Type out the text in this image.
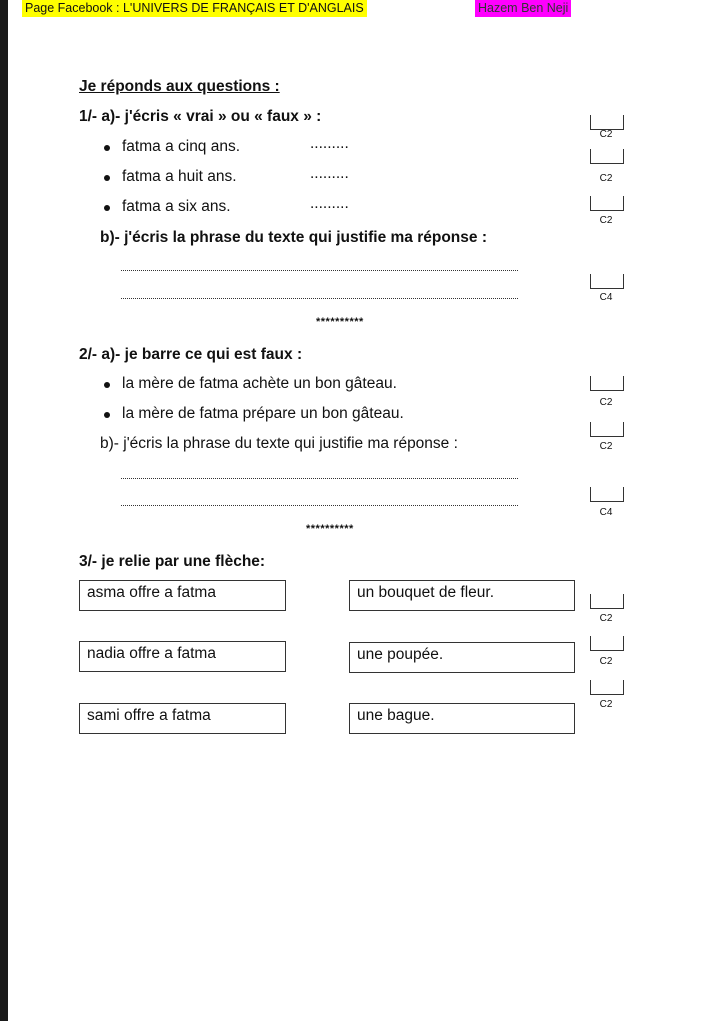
Page Facebook : L'UNIVERS DE FRANÇAIS ET D'ANGLAIS	Hazem Ben Neji
Je réponds aux questions :
1/- a)- j'écris « vrai » ou « faux » :
fatma a cinq ans.	.........
fatma a huit ans.	.........
fatma a six ans.	.........
b)- j'écris la phrase du texte qui justifie ma réponse :
**********
2/- a)- je barre ce qui est faux :
la mère de fatma achète un bon gâteau.
la mère de fatma prépare un bon gâteau.
b)- j'écris la phrase du texte qui justifie ma réponse :
**********
3/- je relie par une flèche:
asma offre a fatma	un bouquet de fleur.
nadia offre a fatma	une poupée.
sami offre a fatma	une bague.
C2
C2
C2
C4
C2
C2
C4
C2
C2
C2
